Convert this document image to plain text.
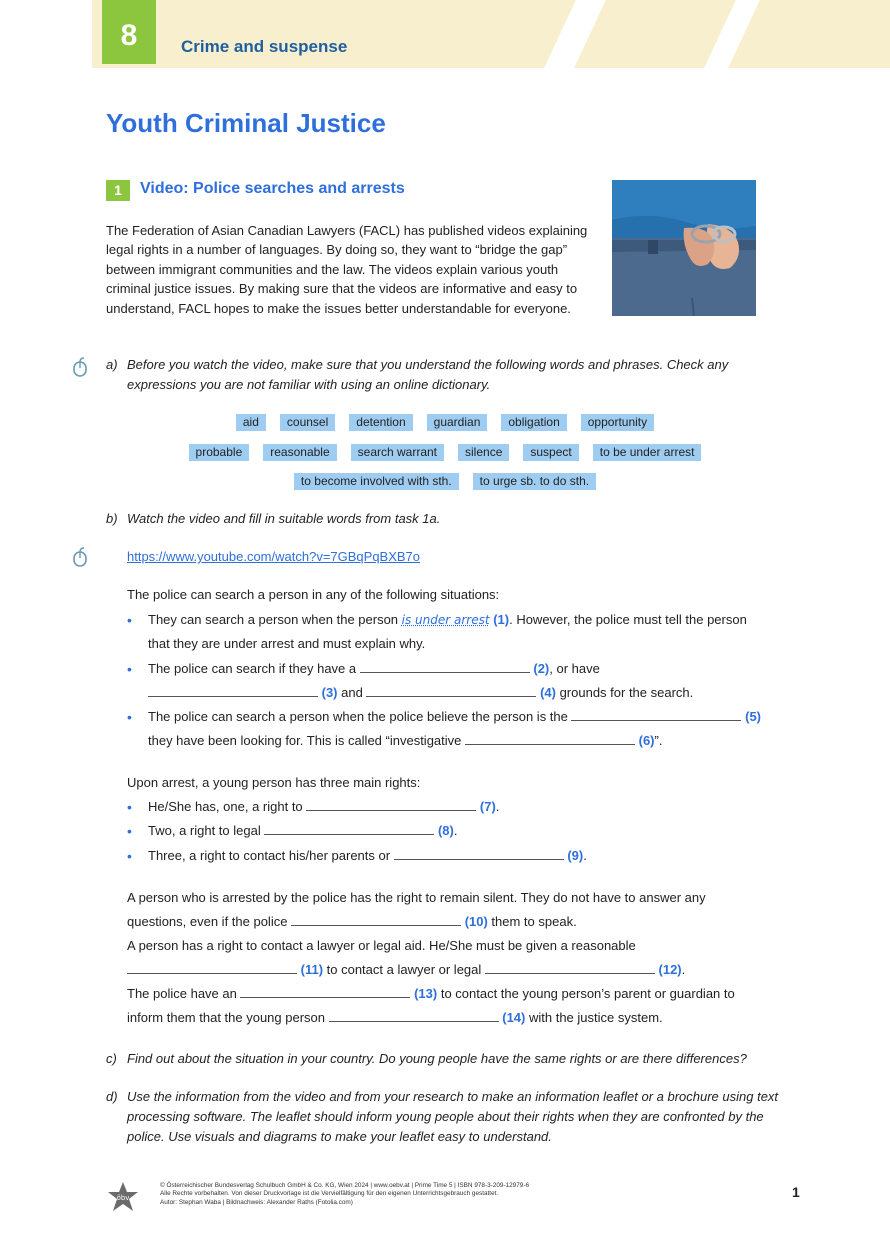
8	Crime and suspense
Youth Criminal Justice
1	Video: Police searches and arrests
The Federation of Asian Canadian Lawyers (FACL) has published videos explaining legal rights in a number of languages. By doing so, they want to “bridge the gap” between immigrant communities and the law. The videos explain various youth criminal justice issues. By making sure that the videos are informative and easy to understand, FACL hopes to make the issues better understandable for everyone.
a) Before you watch the video, make sure that you understand the following words and phrases. Check any expressions you are not familiar with using an online dictionary.
aid counsel detention guardian obligation opportunity
probable reasonable search warrant silence suspect to be under arrest
to become involved with sth. to urge sb. to do sth.
b) Watch the video and fill in suitable words from task 1a.
https://www.youtube.com/watch?v=7GBqPqBXB7o
The police can search a person in any of the following situations:
• They can search a person when the person is under arrest (1). However, the police must tell the person
that they are under arrest and must explain why.
• The police can search if they have a	(2), or have
(3) and	(4) grounds for the search.
• The police can search a person when the police believe the person is the	(5)
they have been looking for. This is called “investigative	(6)”.
Upon arrest, a young person has three main rights:
• He/She has, one, a right to	(7).
• Two, a right to legal	(8).
• Three, a right to contact his/her parents or	(9).
A person who is arrested by the police has the right to remain silent. They do not have to answer any
questions, even if the police	(10) them to speak.
A person has a right to contact a lawyer or legal aid. He/She must be given a reasonable
(11) to contact a lawyer or legal	(12).
The police have an	(13) to contact the young person’s parent or guardian to
inform them that the young person	(14) with the justice system.
c) Find out about the situation in your country. Do young people have the same rights or are there differences?
d) Use the information from the video and from your research to make an information leaflet or a brochure using text processing software. The leaflet should inform young people about their rights when they are confronted by the police. Use visuals and diagrams to make your leaflet easy to understand.
öbv
© Österreichischer Bundesverlag Schulbuch GmbH & Co. KG, Wien 2024 | www.oebv.at | Prime Time 5 | ISBN 978-3-209-12979-6
Alle Rechte vorbehalten. Von dieser Druckvorlage ist die Vervielfältigung für den eigenen Unterrichtsgebrauch gestattet.
Autor: Stephan Waba | Bildnachweis: Alexander Raths (Fotolia.com)
1
